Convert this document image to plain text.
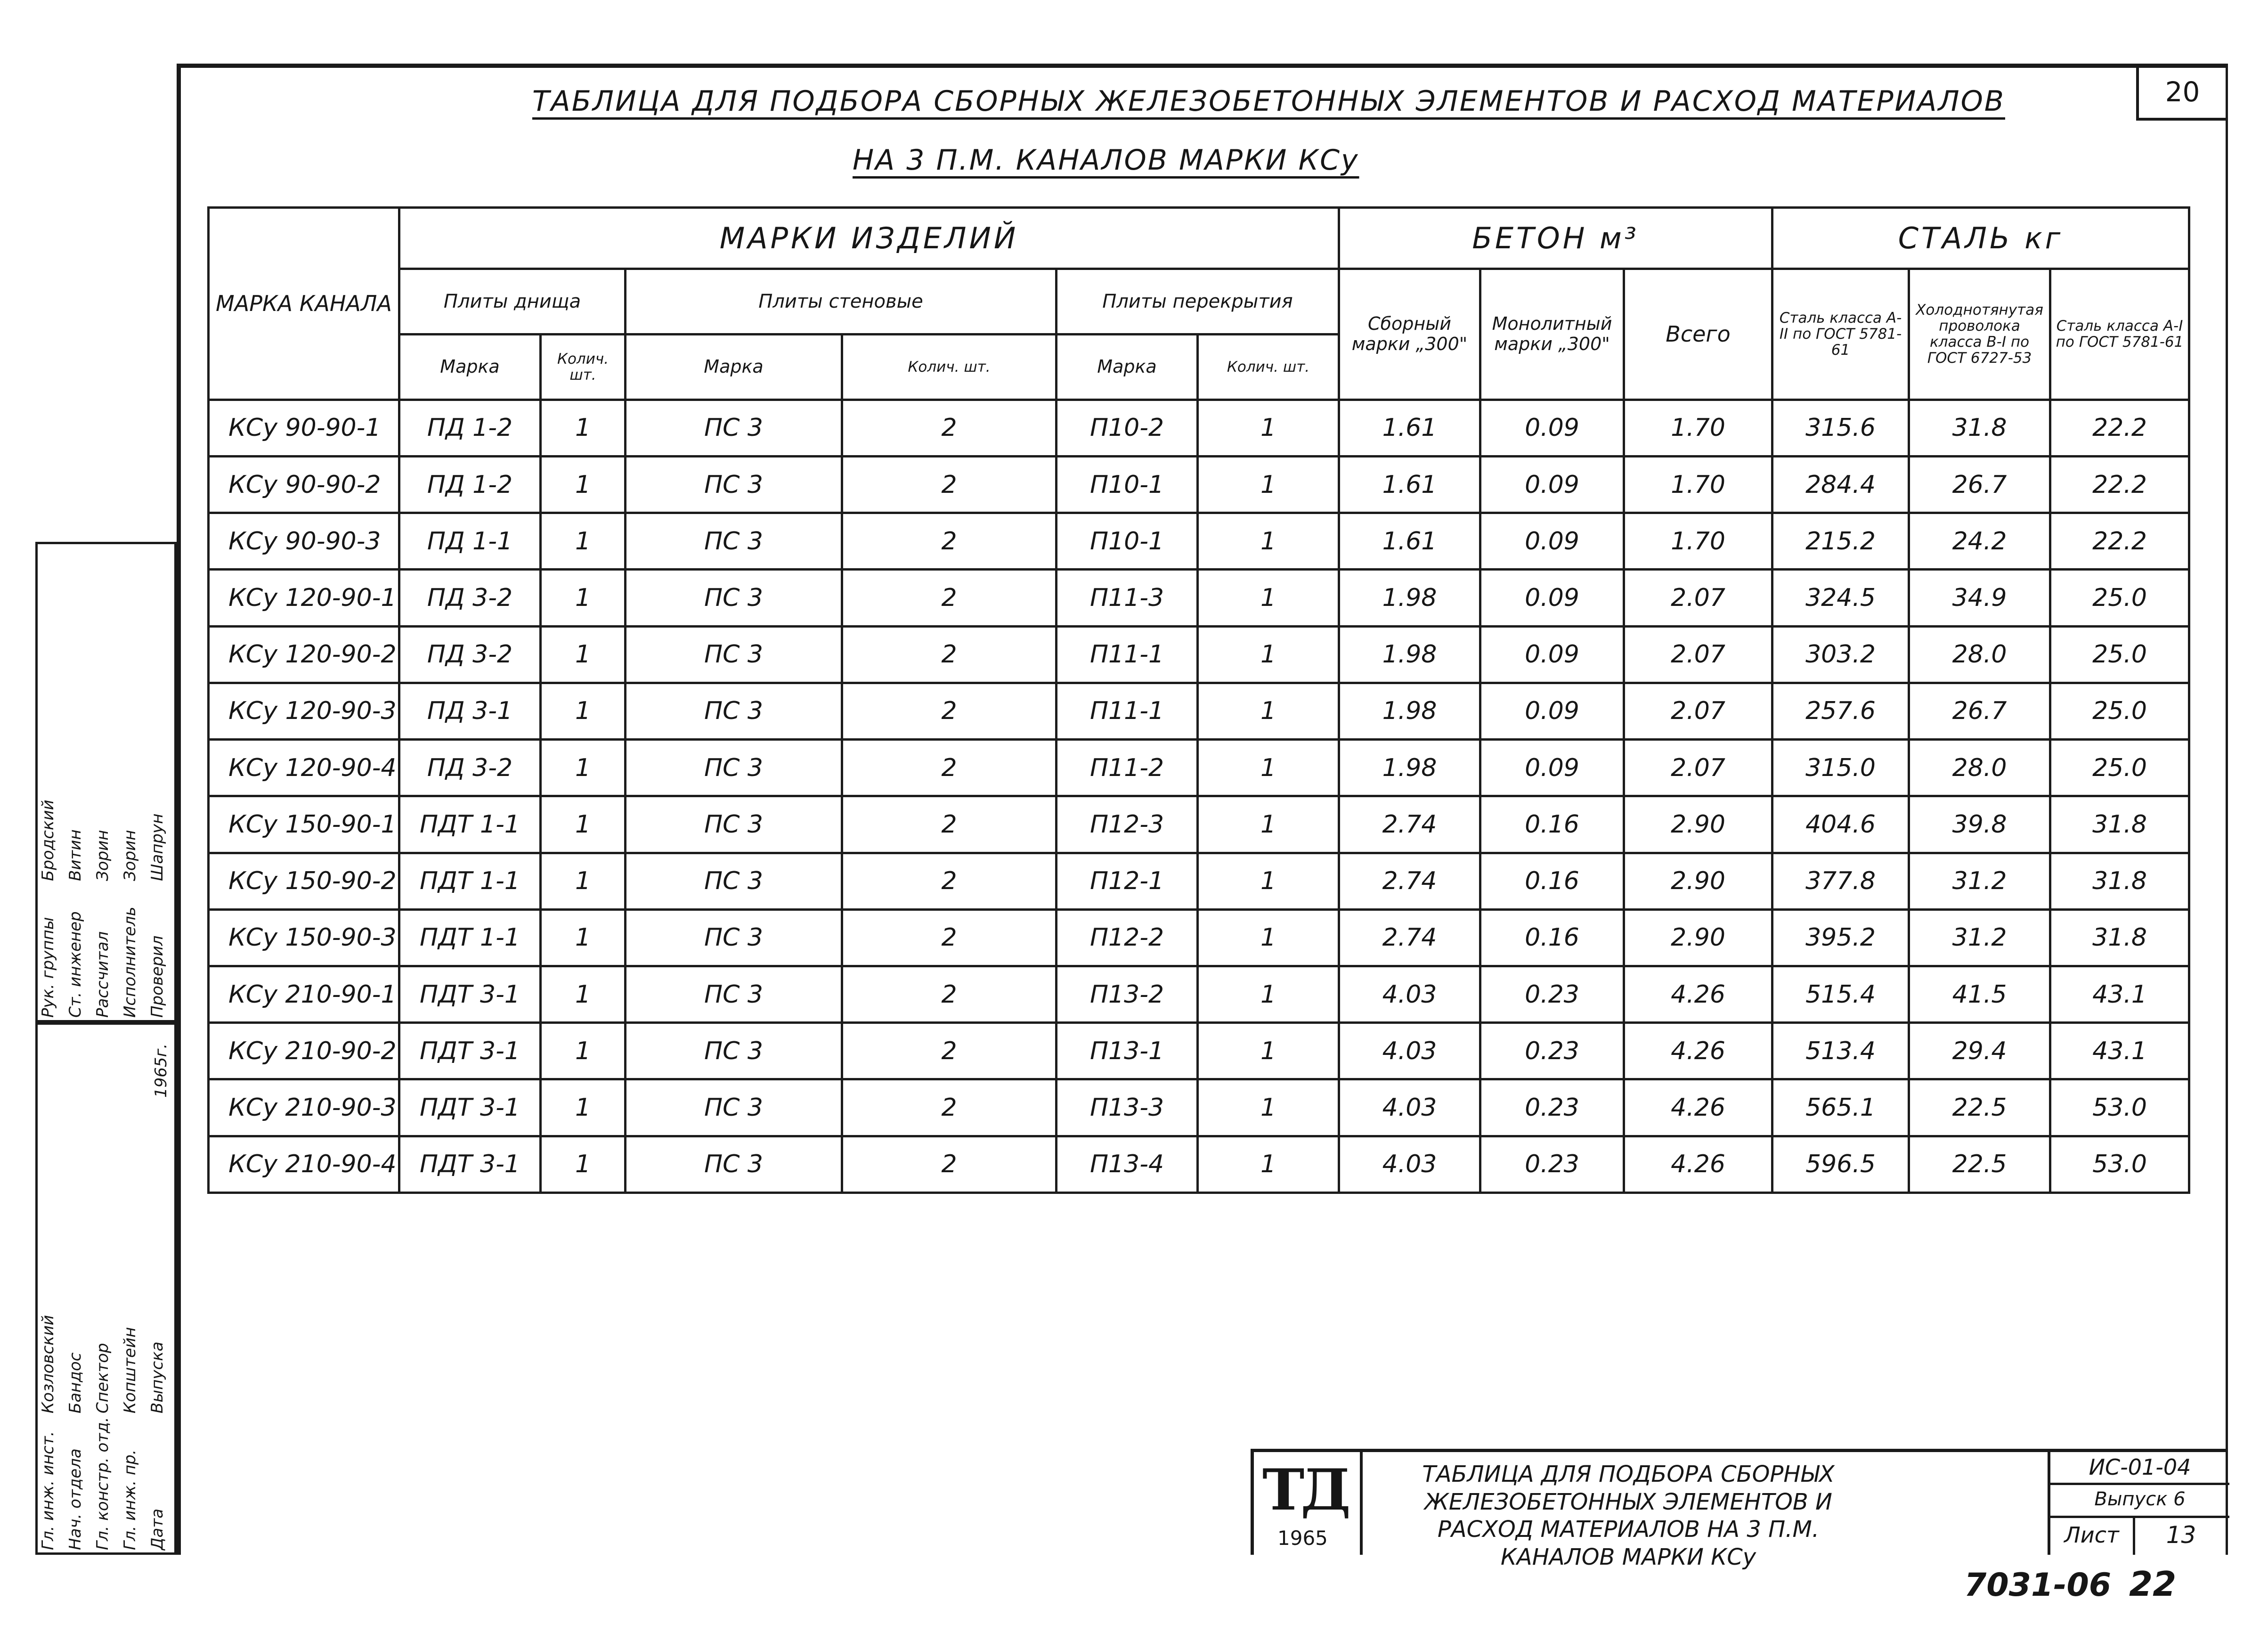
20
ТАБЛИЦА ДЛЯ ПОДБОРА СБОРНЫХ ЖЕЛЕЗОБЕТОННЫХ ЭЛЕМЕНТОВ И РАСХОД МАТЕРИАЛОВ
НА 3 П.М. КАНАЛОВ МАРКИ КСу
МАРКА КАНАЛА	МАРКИ ИЗДЕЛИЙ						БЕТОН м³			СТАЛЬ кг			
	Плиты днища		Плиты стеновые		Плиты перекрытия		Сборный марки „300"	Монолитный марки „300"	Всего	Сталь класса А-II по ГОСТ 5781-61	Холоднотянутая проволока класса В-I по ГОСТ 6727-53	Сталь класса А-I по ГОСТ 5781-61		
	Марка	Колич. шт.	Марка	Колич. шт.	Марка	Колич. шт.							
КСу 90-90-1	ПД 1-2	1	ПС 3	2	П10-2	1	1.61	0.09	1.70	315.6	31.8	22.2		
КСу 90-90-2	ПД 1-2	1	ПС 3	2	П10-1	1	1.61	0.09	1.70	284.4	26.7	22.2		
КСу 90-90-3	ПД 1-1	1	ПС 3	2	П10-1	1	1.61	0.09	1.70	215.2	24.2	22.2		
КСу 120-90-1	ПД 3-2	1	ПС 3	2	П11-3	1	1.98	0.09	2.07	324.5	34.9	25.0		
КСу 120-90-2	ПД 3-2	1	ПС 3	2	П11-1	1	1.98	0.09	2.07	303.2	28.0	25.0		
КСу 120-90-3	ПД 3-1	1	ПС 3	2	П11-1	1	1.98	0.09	2.07	257.6	26.7	25.0		
КСу 120-90-4	ПД 3-2	1	ПС 3	2	П11-2	1	1.98	0.09	2.07	315.0	28.0	25.0		
КСу 150-90-1	ПДТ 1-1	1	ПС 3	2	П12-3	1	2.74	0.16	2.90	404.6	39.8	31.8		
КСу 150-90-2	ПДТ 1-1	1	ПС 3	2	П12-1	1	2.74	0.16	2.90	377.8	31.2	31.8		
КСу 150-90-3	ПДТ 1-1	1	ПС 3	2	П12-2	1	2.74	0.16	2.90	395.2	31.2	31.8		
КСу 210-90-1	ПДТ 3-1	1	ПС 3	2	П13-2	1	4.03	0.23	4.26	515.4	41.5	43.1		
КСу 210-90-2	ПДТ 3-1	1	ПС 3	2	П13-1	1	4.03	0.23	4.26	513.4	29.4	43.1		
КСу 210-90-3	ПДТ 3-1	1	ПС 3	2	П13-3	1	4.03	0.23	4.26	565.1	22.5	53.0		
КСу 210-90-4	ПДТ 3-1	1	ПС 3	2	П13-4	1	4.03	0.23	4.26	596.5	22.5	53.0		
Рук. группы Ст. инженер Рассчитал Исполнитель Проверил
Бродский Витин Зорин Зорин Шапрун
Гл. инж. инст. Нач. отдела Гл. констр. отд. Гл. инж. пр. Дата
Козловский Бандос Спектор Копштейн Выпуска
1965г.
ТД
1965
ТАБЛИЦА ДЛЯ ПОДБОРА СБОРНЫХ ЖЕЛЕЗОБЕТОННЫХ ЭЛЕМЕНТОВ И РАСХОД МАТЕРИАЛОВ НА 3 П.М. КАНАЛОВ МАРКИ КСу
ИС-01-04
Выпуск 6
Лист	13
7031-06 22
